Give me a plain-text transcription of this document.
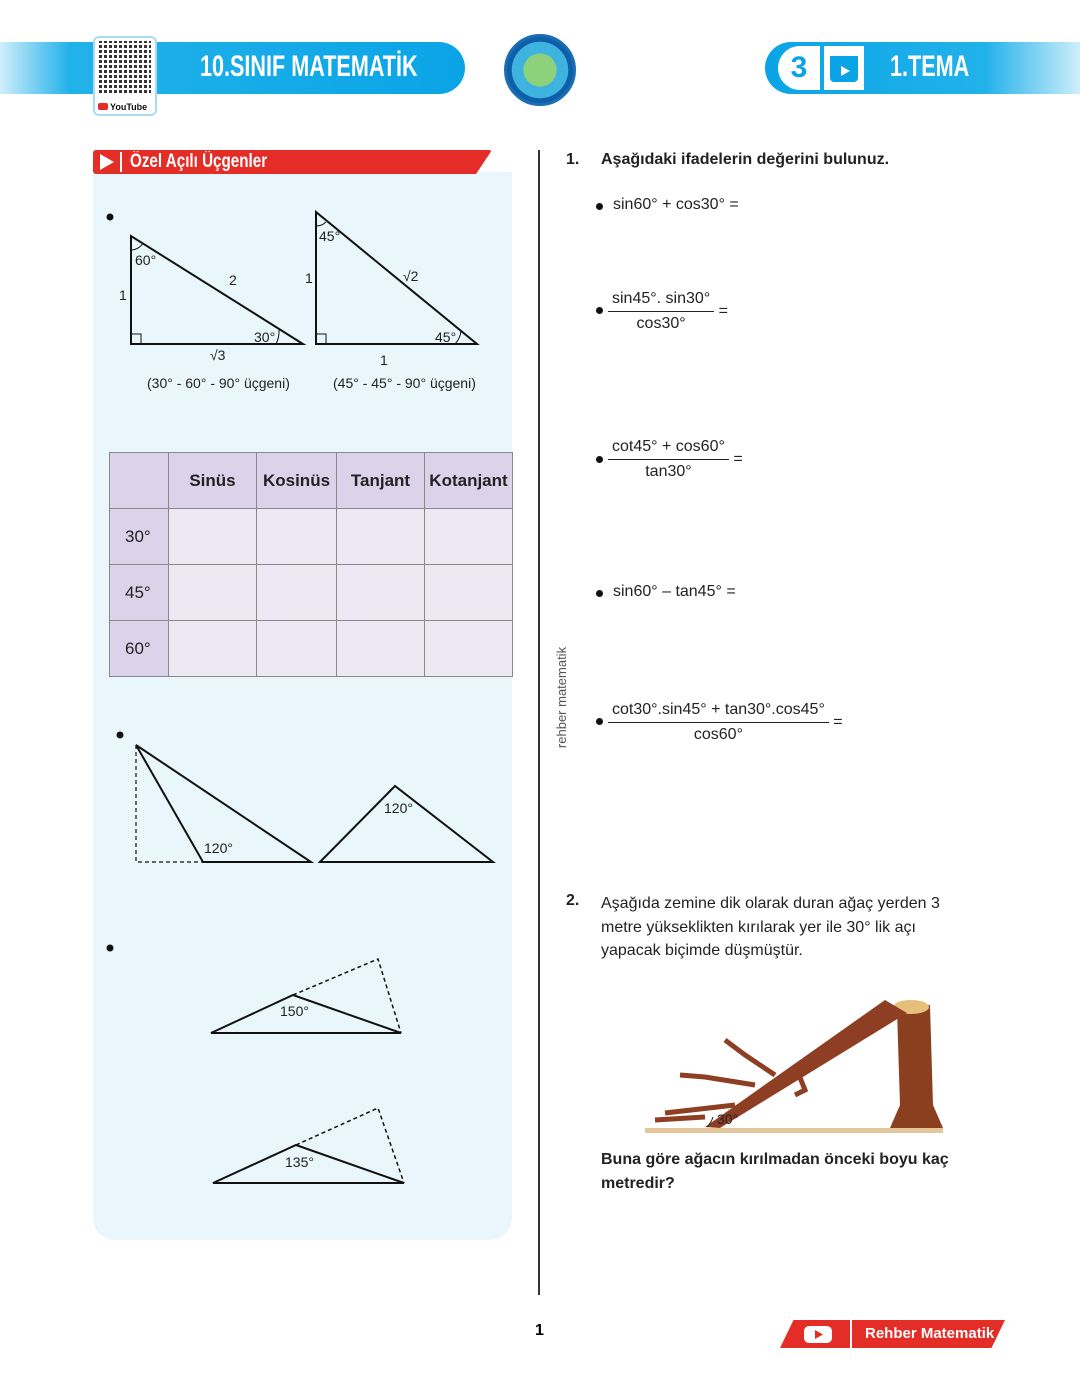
10.SINIF MATEMATİK
YouTube
3	1.TEMA
Özel Açılı Üçgenler
60°
30°
1
2
√3
(30° - 60° - 90° üçgeni)
45°
45°
1	√2
1
(45° - 45° - 90° üçgeni)
120°
120°
150°
135°
	Sinüs	Kosinüs	Tanjant	Kotanjant
30°				
45°				
60°					rehber matematik
1. Aşağıdaki ifadelerin değerini bulunuz.
sin60° + cos30° =
$\frac{\sin 45^\circ. \sin 30^\circ}{\cos 30^\circ}$ =
$\frac{\cot 45^\circ + \cos 60^\circ}{\tan 30^\circ}$ =
sin60° – tan45° =
$\frac{\cot 30^\circ.\sin 45^\circ + \tan 30^\circ.\cos 45^\circ}{\cos 60^\circ}$ =
2. Aşağıda zemine dik olarak duran ağaç yerden 3 metre yükseklikten kırılarak yer ile 30° lik açı yapacak biçimde düşmüştür.
30°
Buna göre ağacın kırılmadan önceki boyu kaç metredir?
1	Rehber Matematik
